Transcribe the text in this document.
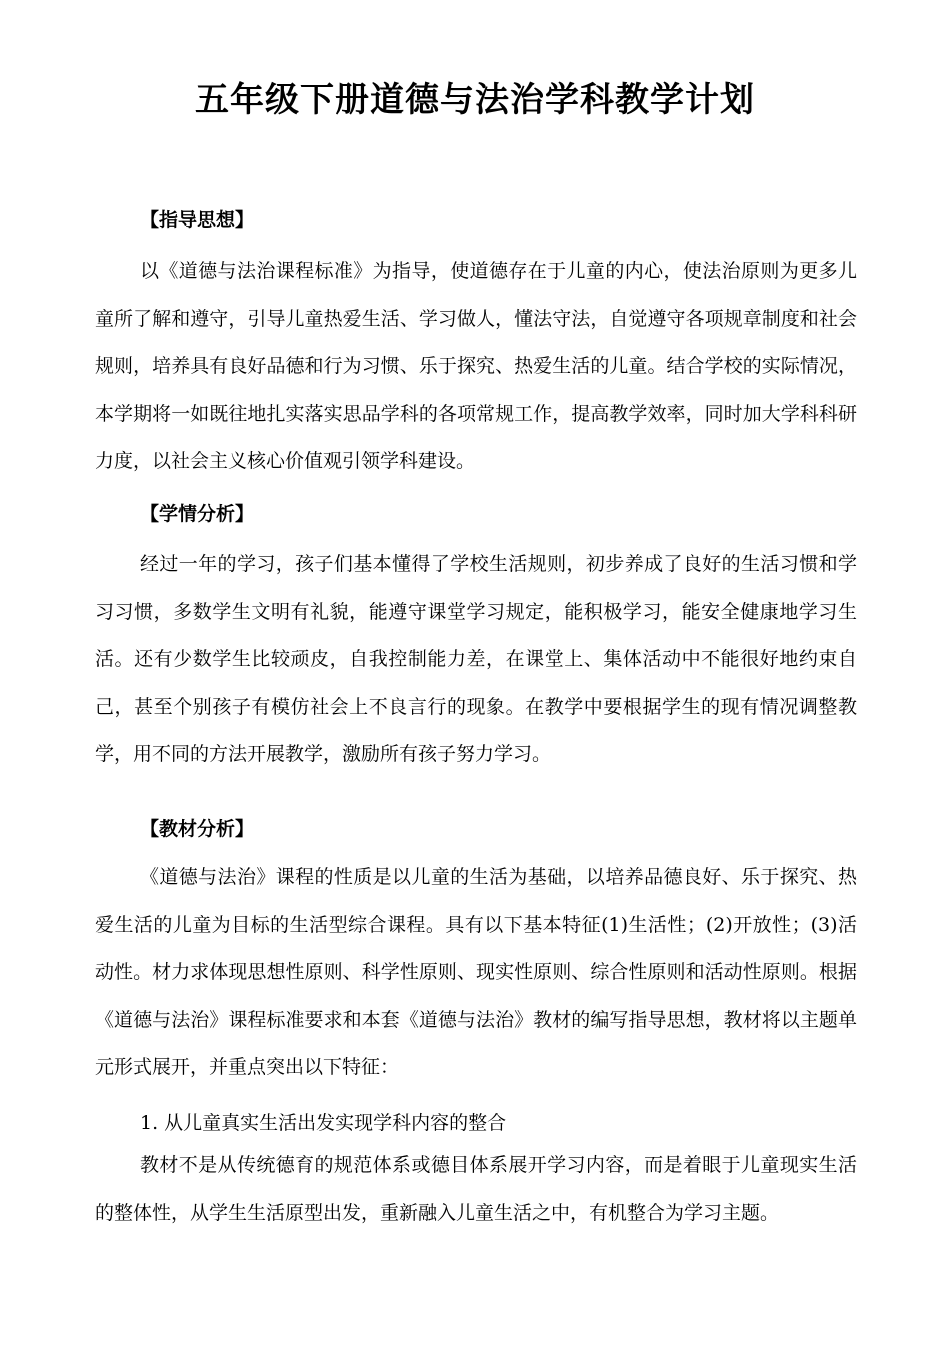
五年级下册道德与法治学科教学计划
【指导思想】

以《道德与法治课程标准》为指导，使道德存在于儿童的内心，使法治原则为更多儿童所了解和遵守，引导儿童热爱生活、学习做人，懂法守法，自觉遵守各项规章制度和社会规则，培养具有良好品德和行为习惯、乐于探究、热爱生活的儿童。结合学校的实际情况，本学期将一如既往地扎实落实思品学科的各项常规工作，提高教学效率，同时加大学科科研力度，以社会主义核心价值观引领学科建设。

【学情分析】

经过一年的学习，孩子们基本懂得了学校生活规则，初步养成了良好的生活习惯和学习习惯，多数学生文明有礼貌，能遵守课堂学习规定，能积极学习，能安全健康地学习生活。还有少数学生比较顽皮，自我控制能力差，在课堂上、集体活动中不能很好地约束自己，甚至个别孩子有模仿社会上不良言行的现象。在教学中要根据学生的现有情况调整教学，用不同的方法开展教学，激励所有孩子努力学习。

【教材分析】

《道德与法治》课程的性质是以儿童的生活为基础，以培养品德良好、乐于探究、热爱生活的儿童为目标的生活型综合课程。具有以下基本特征(1)生活性；(2)开放性；(3)活动性。材力求体现思想性原则、科学性原则、现实性原则、综合性原则和活动性原则。根据《道德与法治》课程标准要求和本套《道德与法治》教材的编写指导思想，教材将以主题单元形式展开，并重点突出以下特征：

1. 从儿童真实生活出发实现学科内容的整合

教材不是从传统德育的规范体系或德目体系展开学习内容，而是着眼于儿童现实生活的整体性，从学生生活原型出发，重新融入儿童生活之中，有机整合为学习主题。
